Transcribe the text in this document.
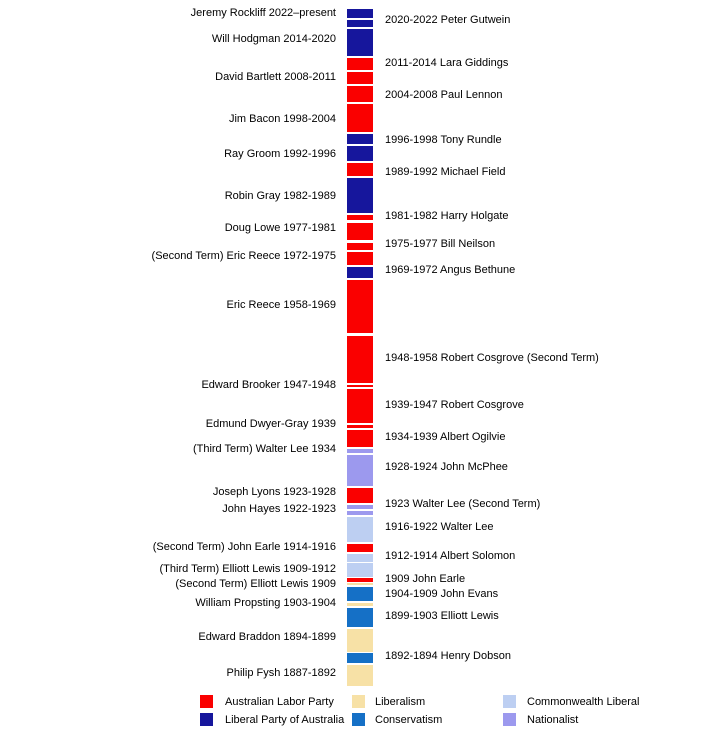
Jeremy Rockliff 2022–present
2020-2022 Peter Gutwein
Will Hodgman 2014-2020
2011-2014 Lara Giddings
David Bartlett 2008-2011
2004-2008 Paul Lennon
Jim Bacon 1998-2004
1996-1998 Tony Rundle
Ray Groom 1992-1996
1989-1992 Michael Field
Robin Gray 1982-1989
1981-1982 Harry Holgate
Doug Lowe 1977-1981
1975-1977 Bill Neilson
(Second Term) Eric Reece 1972-1975
1969-1972 Angus Bethune
Eric Reece 1958-1969
1948-1958 Robert Cosgrove (Second Term)
Edward Brooker 1947-1948
1939-1947 Robert Cosgrove
Edmund Dwyer-Gray 1939
1934-1939 Albert Ogilvie
(Third Term) Walter Lee 1934
1928-1924 John McPhee
Joseph Lyons 1923-1928
1923 Walter Lee (Second Term)
John Hayes 1922-1923
1916-1922 Walter Lee
(Second Term) John Earle 1914-1916
1912-1914 Albert Solomon
(Third Term) Elliott Lewis 1909-1912
1909 John Earle
(Second Term) Elliott Lewis 1909
1904-1909 John Evans
William Propsting 1903-1904
1899-1903 Elliott Lewis
Edward Braddon 1894-1899
1892-1894 Henry Dobson
Philip Fysh 1887-1892
Australian Labor Party
Liberal Party of Australia
Liberalism
Conservatism
Commonwealth Liberal
Nationalist
